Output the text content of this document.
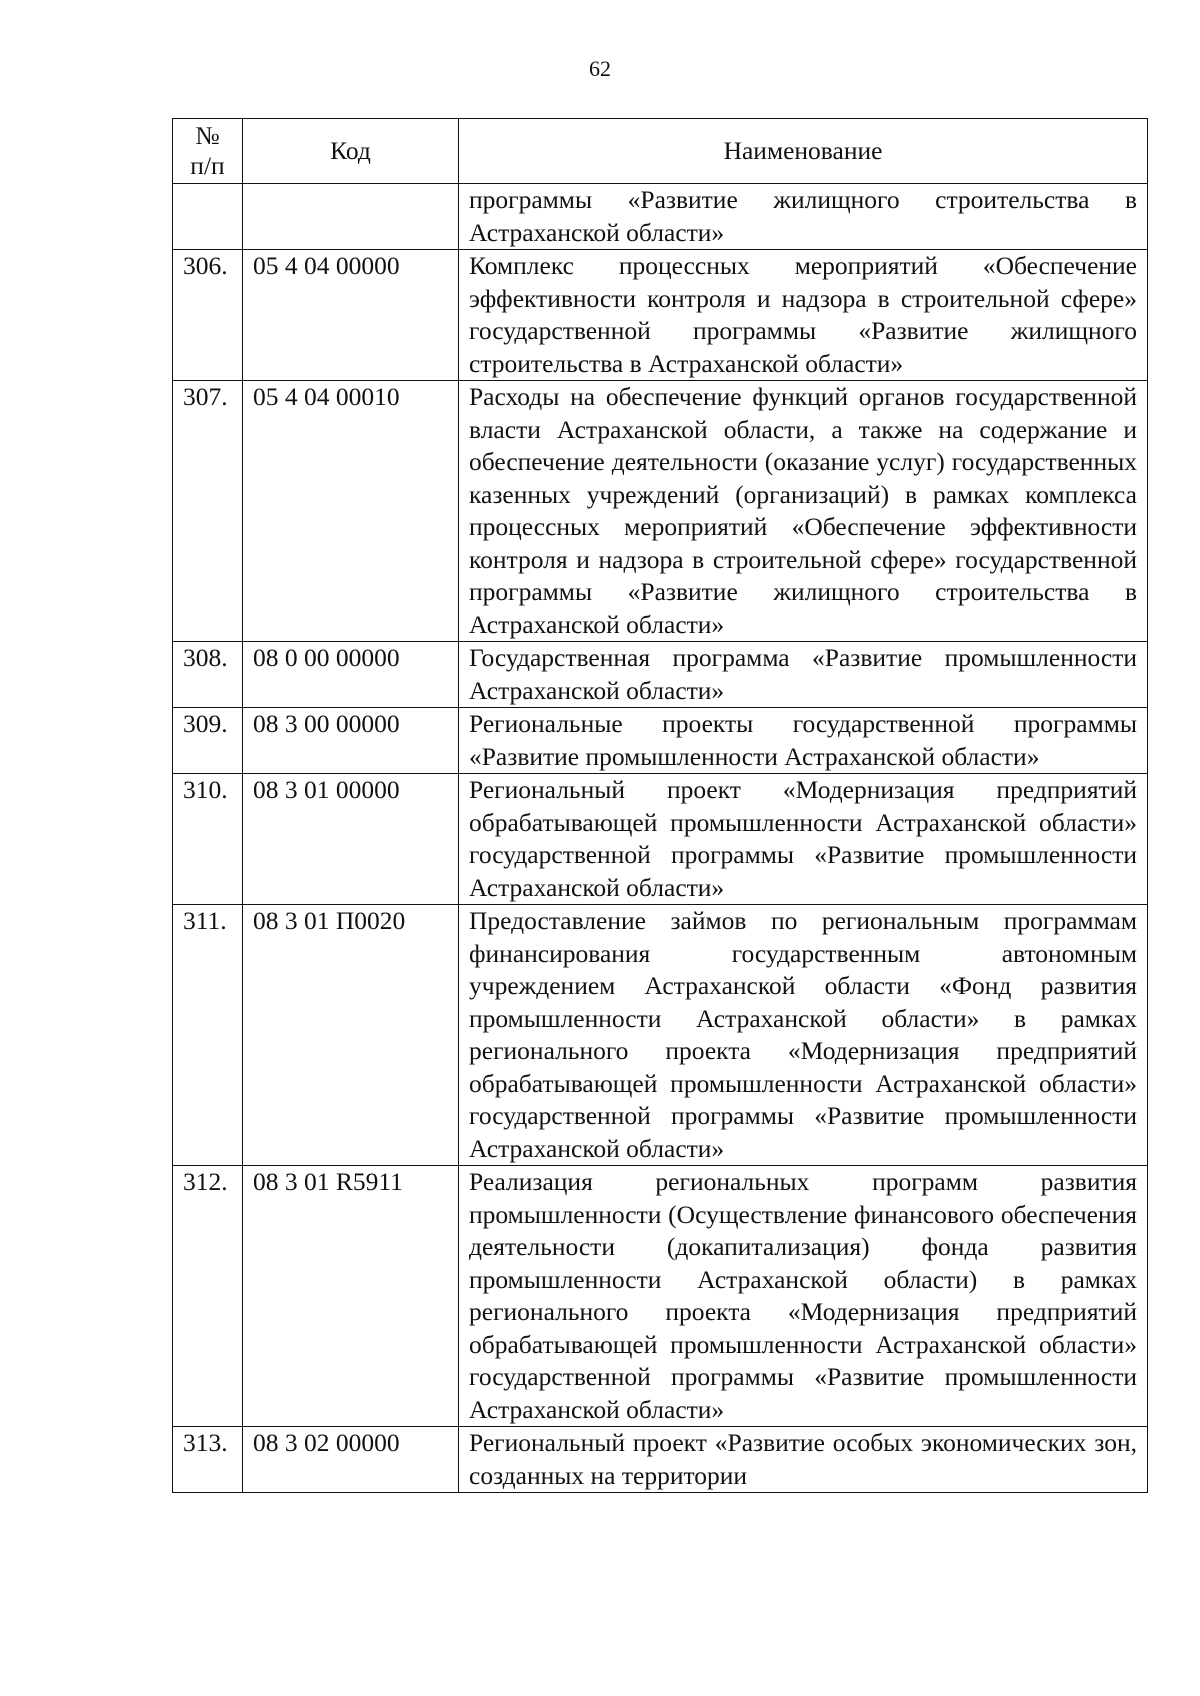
62
№
п/п	Код	Наименование
		программы «Развитие жилищного строительства в Астраханской области»
306.	05 4 04 00000	Комплекс процессных мероприятий «Обеспечение эффективности контроля и надзора в строительной сфере» государственной программы «Развитие жилищного строительства в Астраханской области»
307.	05 4 04 00010	Расходы на обеспечение функций органов государственной власти Астраханской области, а также на содержание и обеспечение деятельности (оказание услуг) государственных казенных учреждений (организаций) в рамках комплекса процессных мероприятий «Обеспечение эффективности контроля и надзора в строительной сфере» государственной программы «Развитие жилищного строительства в Астраханской области»
308.	08 0 00 00000	Государственная программа «Развитие промышленности Астраханской области»
309.	08 3 00 00000	Региональные проекты государственной программы «Развитие промышленности Астраханской области»
310.	08 3 01 00000	Региональный проект «Модернизация предприятий обрабатывающей промышленности Астраханской области» государственной программы «Развитие промышленности Астраханской области»
311.	08 3 01 П0020	Предоставление займов по региональным программам финансирования государственным автономным учреждением Астраханской области «Фонд развития промышленности Астраханской области» в рамках регионального проекта «Модернизация предприятий обрабатывающей промышленности Астраханской области» государственной программы «Развитие промышленности Астраханской области»
312.	08 3 01 R5911	Реализация региональных программ развития промышленности (Осуществление финансового обеспечения деятельности (докапитализация) фонда развития промышленности Астраханской области) в рамках регионального проекта «Модернизация предприятий обрабатывающей промышленности Астраханской области» государственной программы «Развитие промышленности Астраханской области»
313.	08 3 02 00000	Региональный проект «Развитие особых экономических зон, созданных на территории
